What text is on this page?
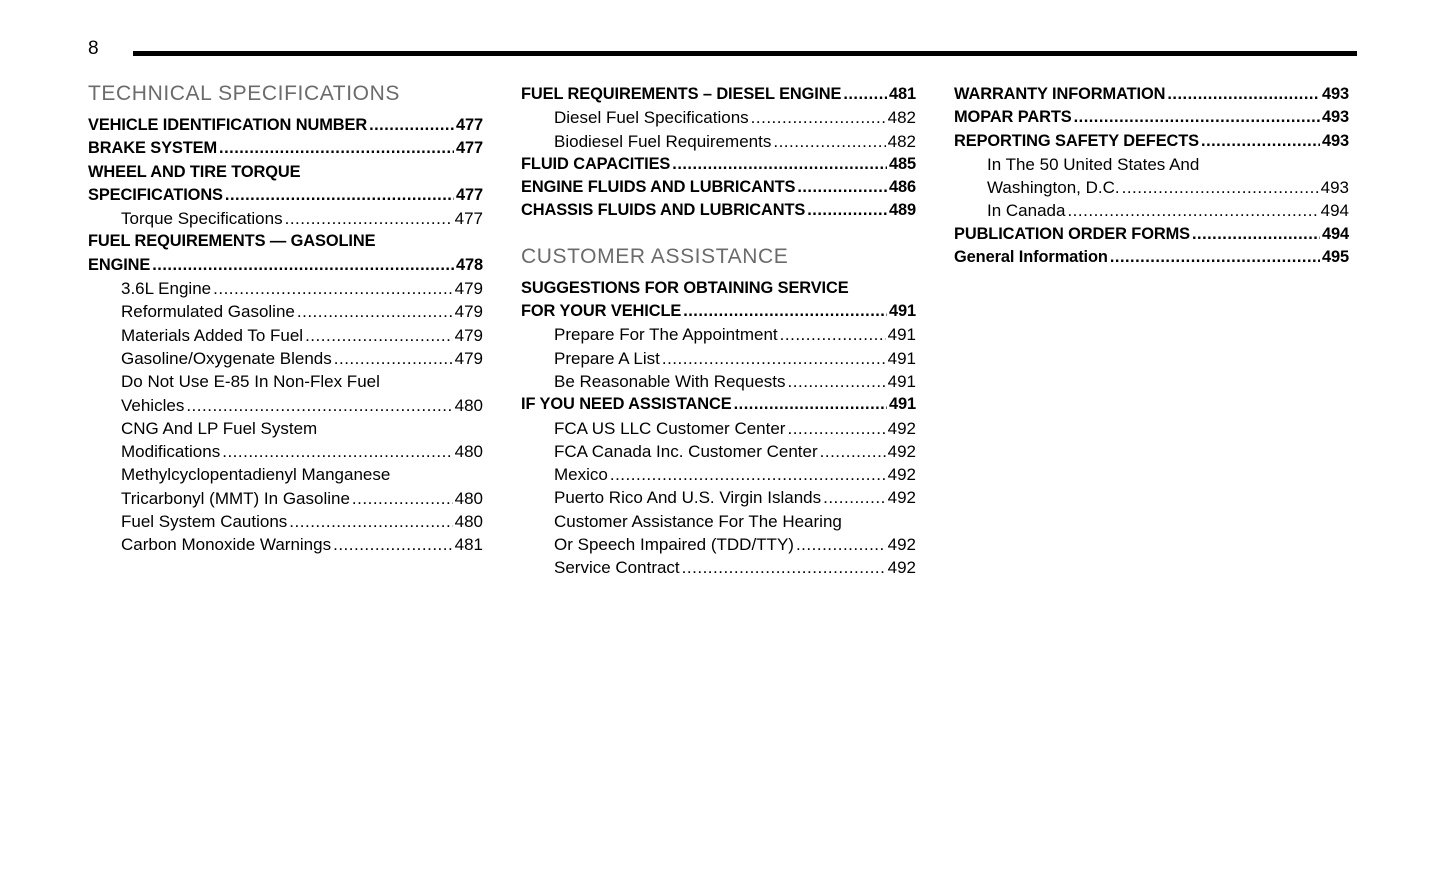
8
TECHNICAL SPECIFICATIONS
VEHICLE IDENTIFICATION NUMBER .....	477
BRAKE SYSTEM .....	477
WHEEL AND TIRE TORQUE
SPECIFICATIONS .....	477
Torque Specifications .....	477
FUEL REQUIREMENTS — GASOLINE
ENGINE .....	478
3.6L Engine .....	479
Reformulated Gasoline .....	479
Materials Added To Fuel .....	479
Gasoline/Oxygenate Blends .....	479
Do Not Use E-85 In Non-Flex Fuel
Vehicles .....	480
CNG And LP Fuel System
Modifications .....	480
Methylcyclopentadienyl Manganese
Tricarbonyl (MMT) In Gasoline .....	480
Fuel System Cautions .....	480
Carbon Monoxide Warnings .....	481
FUEL REQUIREMENTS – DIESEL ENGINE .....	481
Diesel Fuel Specifications .....	482
Biodiesel Fuel Requirements .....	482
FLUID CAPACITIES .....	485
ENGINE FLUIDS AND LUBRICANTS .....	486
CHASSIS FLUIDS AND LUBRICANTS .....	489
CUSTOMER ASSISTANCE
SUGGESTIONS FOR OBTAINING SERVICE
FOR YOUR VEHICLE .....	491
Prepare For The Appointment .....	491
Prepare A List .....	491
Be Reasonable With Requests .....	491
IF YOU NEED ASSISTANCE .....	491
FCA US LLC Customer Center .....	492
FCA Canada Inc. Customer Center .....	492
Mexico .....	492
Puerto Rico And U.S. Virgin Islands .....	492
Customer Assistance For The Hearing
Or Speech Impaired (TDD/TTY) .....	492
Service Contract .....	492
WARRANTY INFORMATION .....	493
MOPAR PARTS .....	493
REPORTING SAFETY DEFECTS .....	493
In The 50 United States And
Washington, D.C. .....	493
In Canada .....	494
PUBLICATION ORDER FORMS .....	494
General Information .....	495
